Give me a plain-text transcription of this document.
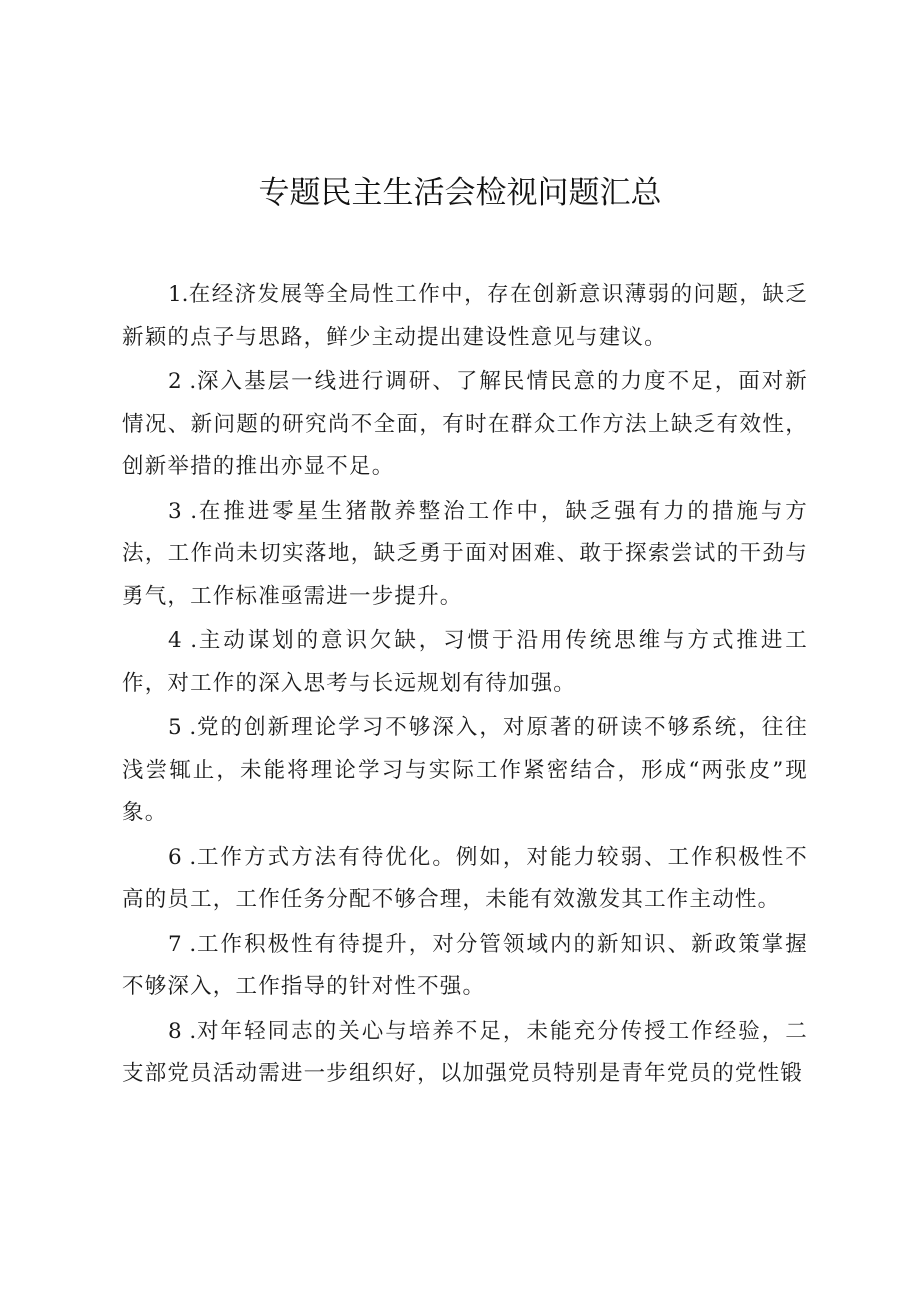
专题民主生活会检视问题汇总

1.在经济发展等全局性工作中，存在创新意识薄弱的问题，缺乏新颖的点子与思路，鲜少主动提出建设性意见与建议。

2 .深入基层一线进行调研、了解民情民意的力度不足，面对新情况、新问题的研究尚不全面，有时在群众工作方法上缺乏有效性，创新举措的推出亦显不足。

3 .在推进零星生猪散养整治工作中，缺乏强有力的措施与方法，工作尚未切实落地，缺乏勇于面对困难、敢于探索尝试的干劲与勇气，工作标准亟需进一步提升。

4 .主动谋划的意识欠缺，习惯于沿用传统思维与方式推进工作，对工作的深入思考与长远规划有待加强。

5 .党的创新理论学习不够深入，对原著的研读不够系统，往往浅尝辄止，未能将理论学习与实际工作紧密结合，形成“两张皮”现象。

6 .工作方式方法有待优化。例如，对能力较弱、工作积极性不高的员工，工作任务分配不够合理，未能有效激发其工作主动性。

7 .工作积极性有待提升，对分管领域内的新知识、新政策掌握不够深入，工作指导的针对性不强。

8 .对年轻同志的关心与培养不足，未能充分传授工作经验，二支部党员活动需进一步组织好，以加强党员特别是青年党员的党性锻
